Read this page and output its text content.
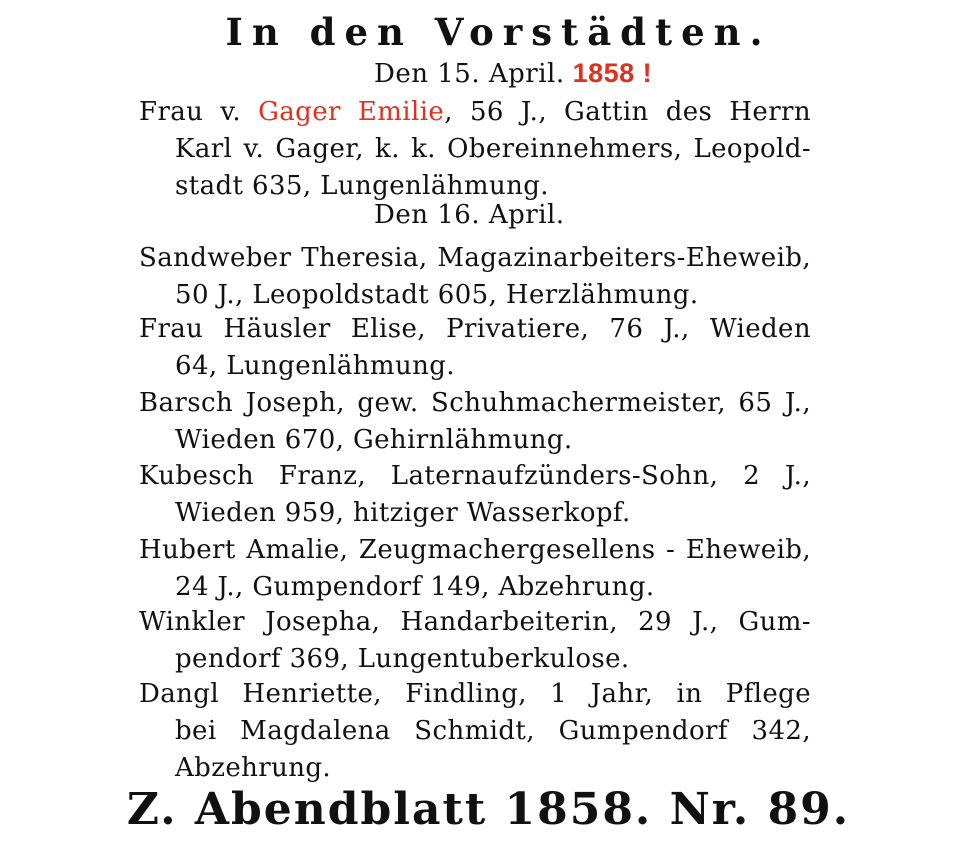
In den Vorstädten.
Den 15. April. 1858 !
Frau v. Gager Emilie, 56 J., Gattin des Herrn
Karl v. Gager, k. k. Obereinnehmers, Leopold-
stadt 635, Lungenlähmung.
Den 16. April.
Sandweber Theresia, Magazinarbeiters-Eheweib,
50 J., Leopoldstadt 605, Herzlähmung.
Frau Häusler Elise, Privatiere, 76 J., Wieden
64, Lungenlähmung.
Barsch Joseph, gew. Schuhmachermeister, 65 J.,
Wieden 670, Gehirnlähmung.
Kubesch Franz, Laternaufzünders-Sohn, 2 J.,
Wieden 959, hitziger Wasserkopf.
Hubert Amalie, Zeugmachergesellens - Eheweib,
24 J., Gumpendorf 149, Abzehrung.
Winkler Josepha, Handarbeiterin, 29 J., Gum-
pendorf 369, Lungentuberkulose.
Dangl Henriette, Findling, 1 Jahr, in Pflege
bei Magdalena Schmidt, Gumpendorf 342,
Abzehrung.
Z. Abendblatt 1858. Nr. 89.
